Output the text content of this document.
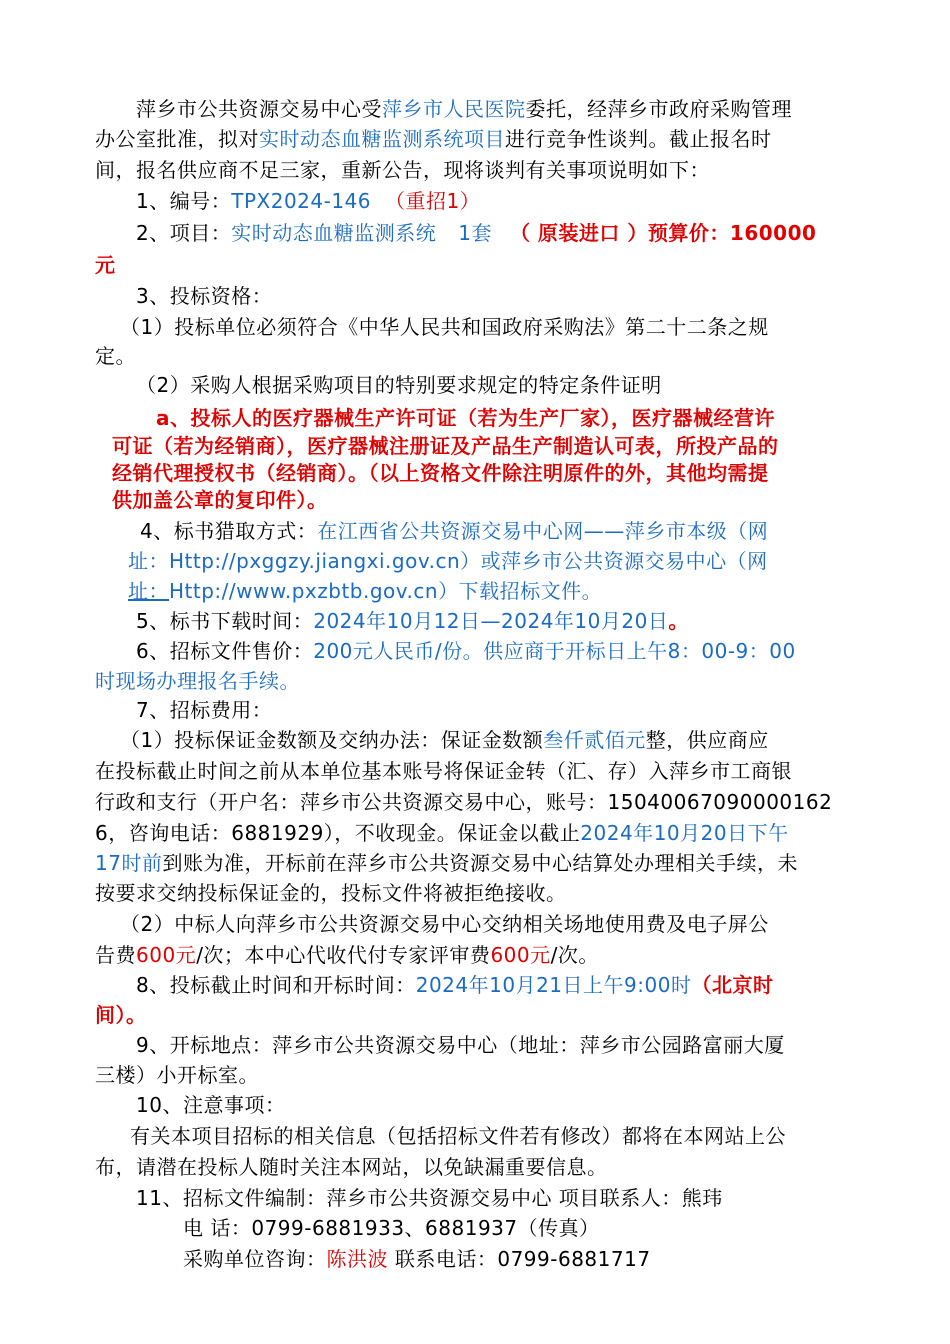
萍乡市公共资源交易中心受萍乡市人民医院委托，经萍乡市政府采购管理
办公室批准，拟对实时动态血糖监测系统项目进行竞争性谈判。截止报名时
间，报名供应商不足三家，重新公告，现将谈判有关事项说明如下：
1、编号：TPX2024-146 （重招1）
2、项目：实时动态血糖监测系统 1套 （ 原装进口 ）预算价：160000
元
3、投标资格：
（1）投标单位必须符合《中华人民共和国政府采购法》第二十二条之规
定。
（2）采购人根据采购项目的特别要求规定的特定条件证明
a、投标人的医疗器械生产许可证（若为生产厂家），医疗器械经营许
可证（若为经销商），医疗器械注册证及产品生产制造认可表，所投产品的
经销代理授权书（经销商）。（以上资格文件除注明原件的外，其他均需提
供加盖公章的复印件）。
4、标书猎取方式：在江西省公共资源交易中心网——萍乡市本级（网
址：Http://pxggzy.jiangxi.gov.cn）或萍乡市公共资源交易中心（网
址：Http://www.pxzbtb.gov.cn）下载招标文件。
5、标书下载时间：2024年10月12日—2024年10月20日。
6、招标文件售价：200元人民币/份。供应商于开标日上午8：00-9：00
时现场办理报名手续。
7、招标费用：
（1）投标保证金数额及交纳办法：保证金数额叁仟贰佰元整，供应商应
在投标截止时间之前从本单位基本账号将保证金转（汇、存）入萍乡市工商银
行政和支行（开户名：萍乡市公共资源交易中心，账号：15040067090000162
6，咨询电话：6881929），不收现金。保证金以截止2024年10月20日下午
17时前到账为准，开标前在萍乡市公共资源交易中心结算处办理相关手续，未
按要求交纳投标保证金的，投标文件将被拒绝接收。
（2）中标人向萍乡市公共资源交易中心交纳相关场地使用费及电子屏公
告费600元/次；本中心代收代付专家评审费600元/次。
8、投标截止时间和开标时间：2024年10月21日上午9:00时（北京时
间）。
9、开标地点：萍乡市公共资源交易中心（地址：萍乡市公园路富丽大厦
三楼）小开标室。
10、注意事项：
有关本项目招标的相关信息（包括招标文件若有修改）都将在本网站上公
布，请潜在投标人随时关注本网站，以免缺漏重要信息。
11、招标文件编制：萍乡市公共资源交易中心 项目联系人：熊玮
电 话：0799-6881933、6881937（传真）
采购单位咨询：陈洪波 联系电话：0799-6881717
